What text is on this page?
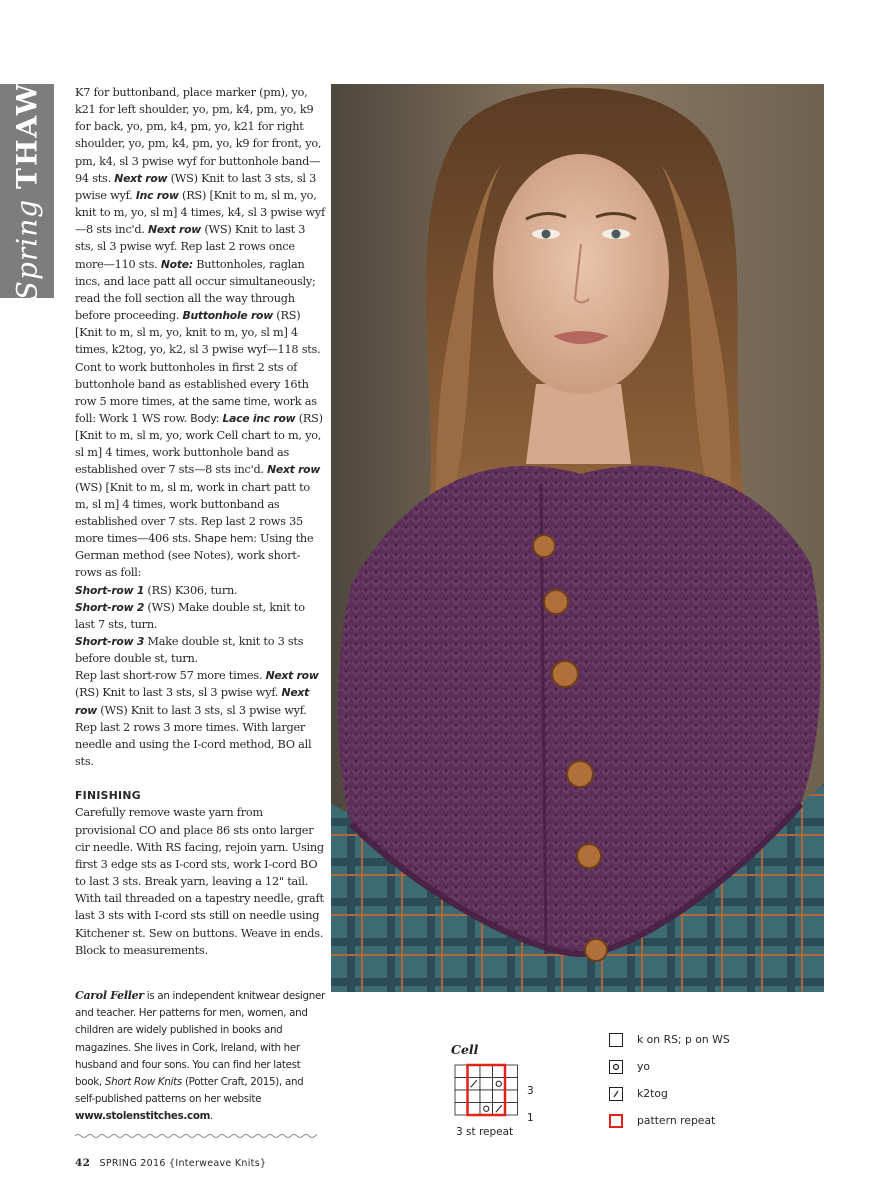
Spring THAW	K7 for buttonband, place marker (pm), yo, k21 for left shoulder, yo, pm, k4, pm, yo, k9 for back, yo, pm, k4, pm, yo, k21 for right shoulder, yo, pm, k4, pm, yo, k9 for front, yo, pm, k4, sl 3 pwise wyf for buttonhole band—94 sts. Next row (WS) Knit to last 3 sts, sl 3 pwise wyf. Inc row (RS) [Knit to m, sl m, yo, knit to m, yo, sl m] 4 times, k4, sl 3 pwise wyf—8 sts inc'd. Next row (WS) Knit to last 3 sts, sl 3 pwise wyf. Rep last 2 rows once more—110 sts. Note: Buttonholes, raglan incs, and lace patt all occur simultaneously; read the foll section all the way through before proceeding. Buttonhole row (RS) [Knit to m, sl m, yo, knit to m, yo, sl m] 4 times, k2tog, yo, k2, sl 3 pwise wyf—118 sts. Cont to work buttonholes in first 2 sts of buttonhole band as established every 16th row 5 more times, at the same time, work as foll: Work 1 WS row. Body: Lace inc row (RS) [Knit to m, sl m, yo, work Cell chart to m, yo, sl m] 4 times, work buttonhole band as established over 7 sts—8 sts inc'd. Next row (WS) [Knit to m, sl m, work in chart patt to m, sl m] 4 times, work buttonband as established over 7 sts. Rep last 2 rows 35 more times—406 sts. Shape hem: Using the German method (see Notes), work short-rows as foll:

Short-row 1 (RS) K306, turn.

Short-row 2 (WS) Make double st, knit to last 7 sts, turn.

Short-row 3 Make double st, knit to 3 sts before double st, turn.

Rep last short-row 57 more times. Next row (RS) Knit to last 3 sts, sl 3 pwise wyf. Next row (WS) Knit to last 3 sts, sl 3 pwise wyf. Rep last 2 rows 3 more times. With larger needle and using the I-cord method, BO all sts.

FINISHING

Carefully remove waste yarn from provisional CO and place 86 sts onto larger cir needle. With RS facing, rejoin yarn. Using first 3 edge sts as I-cord sts, work I-cord BO to last 3 sts. Break yarn, leaving a 12" tail. With tail threaded on a tapestry needle, graft last 3 sts with I-cord sts still on needle using Kitchener st. Sew on buttons. Weave in ends. Block to measurements.

Carol Feller is an independent knitwear designer and teacher. Her patterns for men, women, and children are widely published in books and magazines. She lives in Cork, Ireland, with her husband and four sons. You can find her latest book, Short Row Knits (Potter Craft, 2015), and self-published patterns on her website www.stolenstitches.com.
42 SPRING 2016 {Interweave Knits}
Cell
3
1
3 st repeat
k on RS; p on WS
yo
k2tog
pattern repeat
